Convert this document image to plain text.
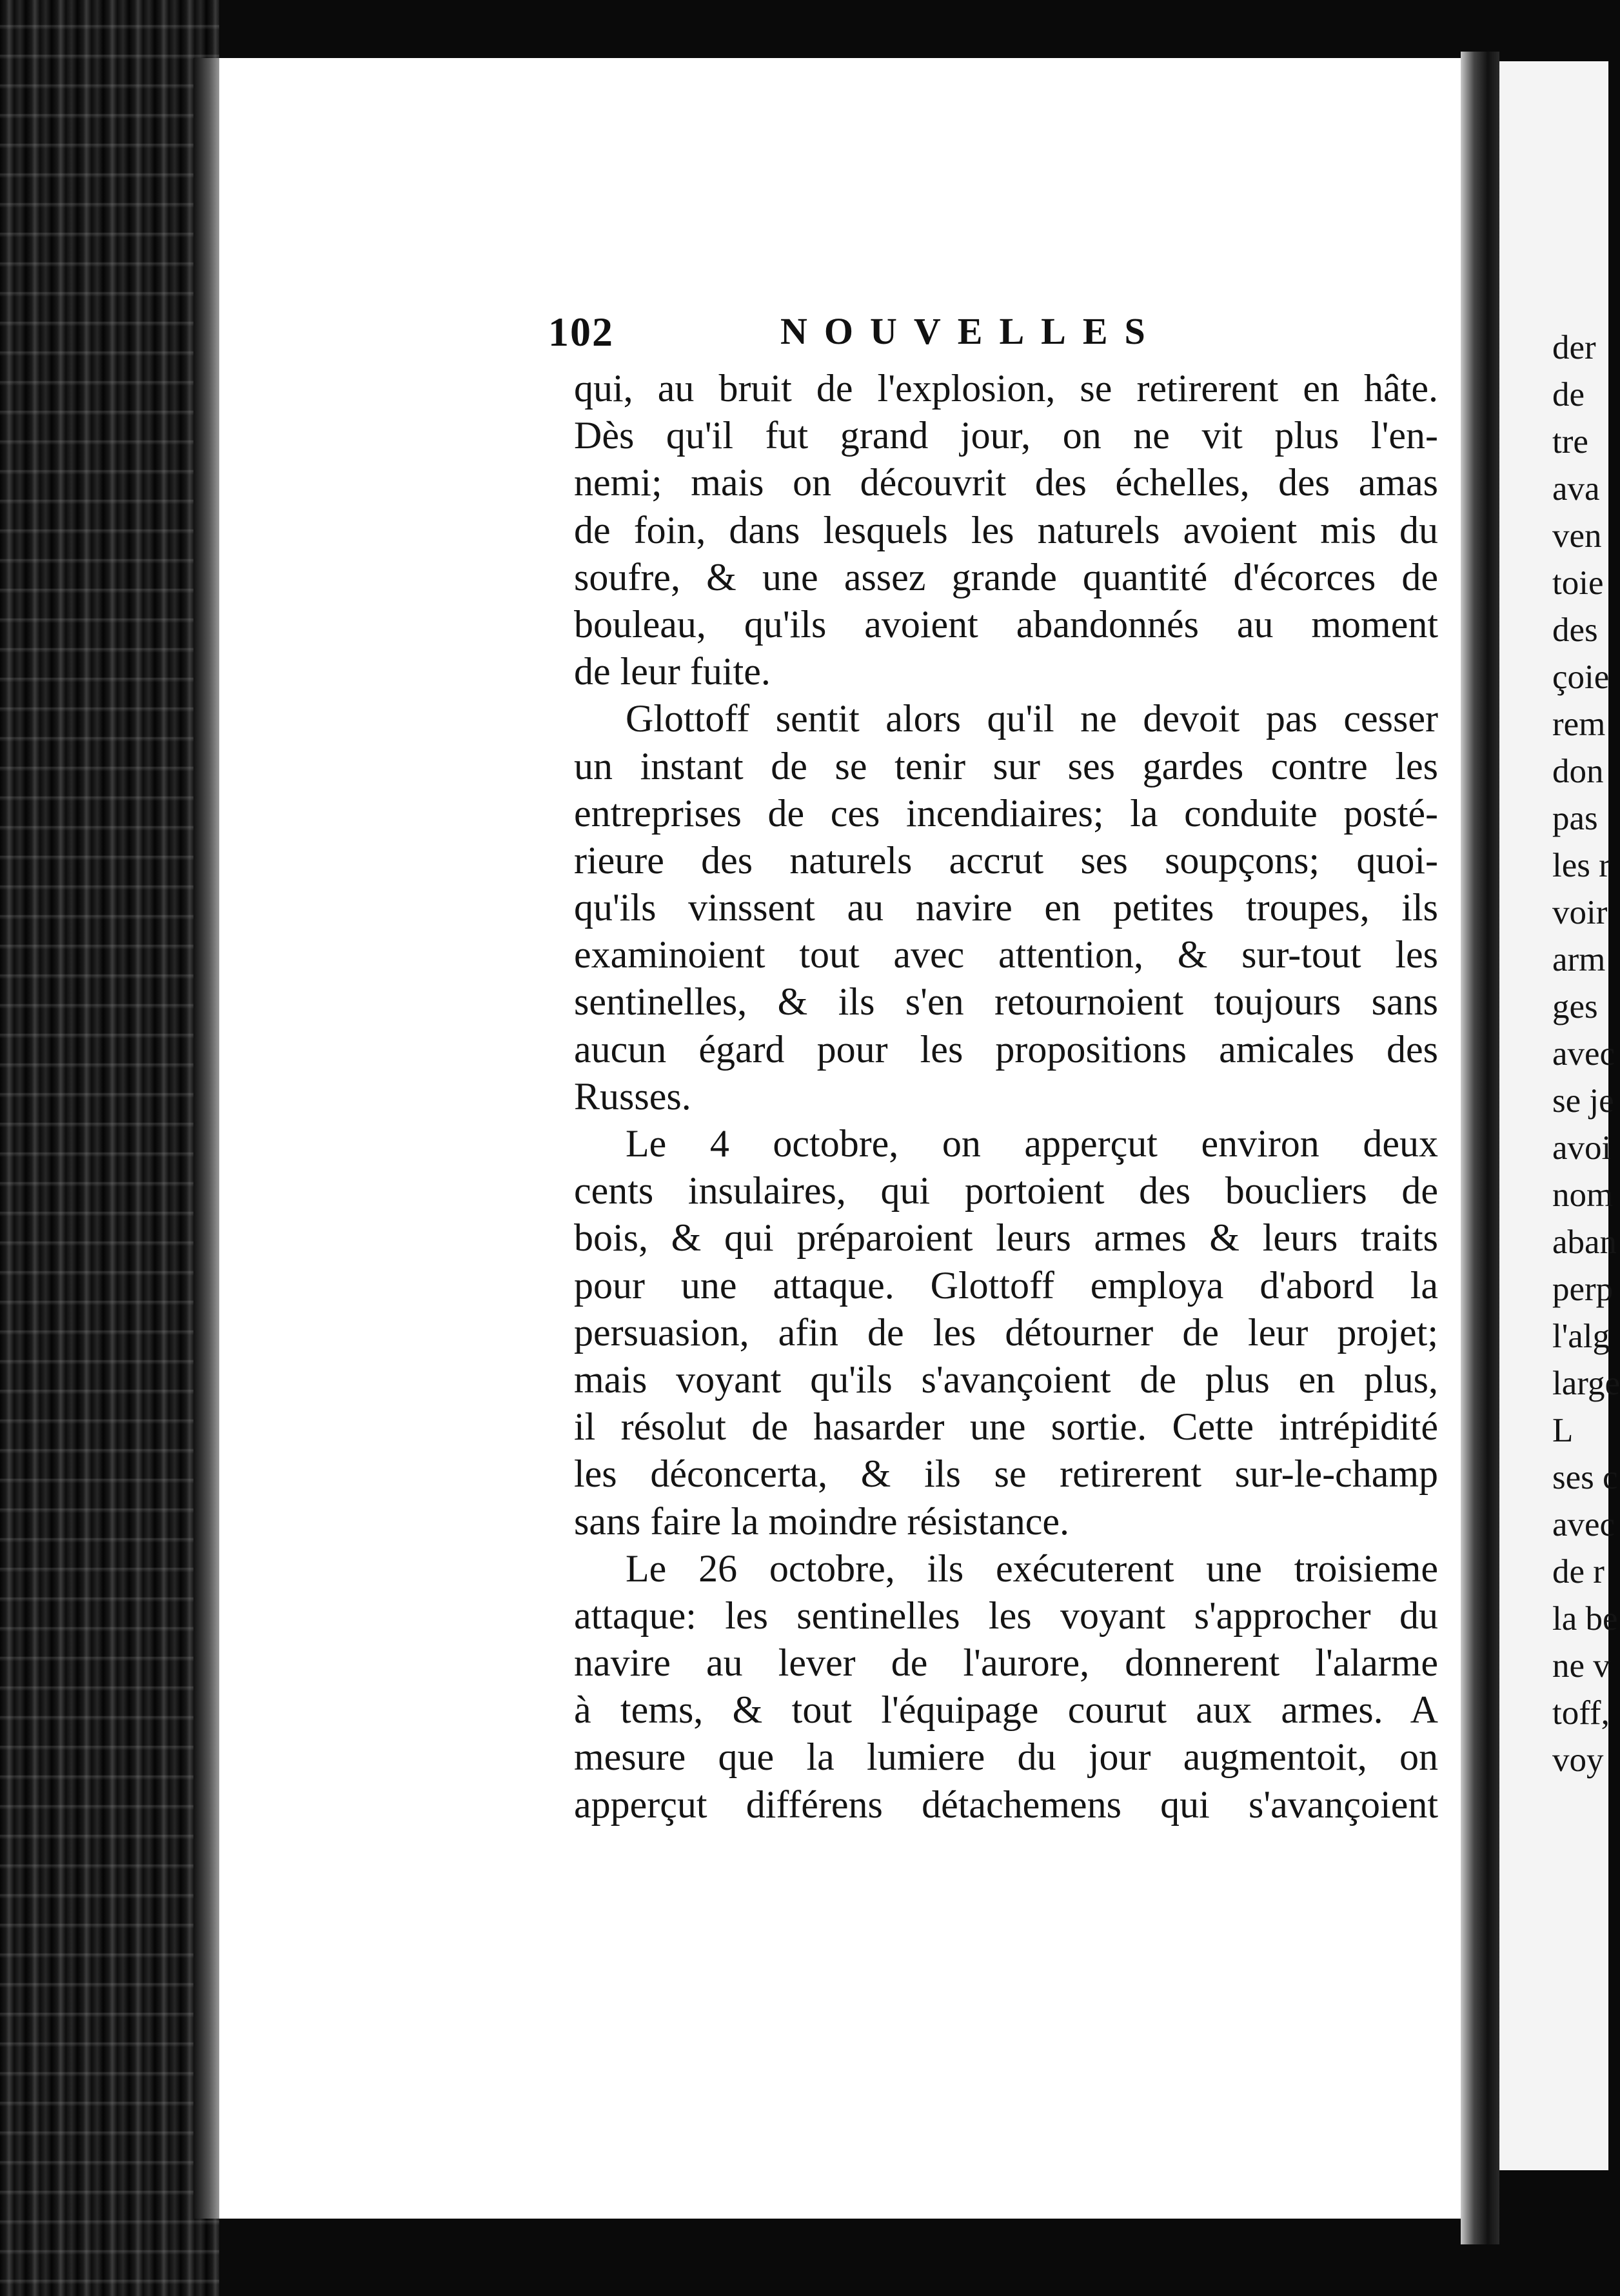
der
de
tre
ava
ven
toie
des
çoie
rem
don
pas
les r
voir
arm
ges
avec
se je
avoi
nom
aban
perp
l'alg
large
L
ses c
avec
de r
la be
ne v
toff,
voy
102	NOUVELLES
qui, au bruit de l'explosion, se retirerent en hâte.
Dès qu'il fut grand jour, on ne vit plus l'en-
nemi; mais on découvrit des échelles, des amas
de foin, dans lesquels les naturels avoient mis du
soufre, & une assez grande quantité d'écorces de
bouleau, qu'ils avoient abandonnés au moment
de leur fuite.
Glottoff sentit alors qu'il ne devoit pas cesser
un instant de se tenir sur ses gardes contre les
entreprises de ces incendiaires; la conduite posté-
rieure des naturels accrut ses soupçons; quoi-
qu'ils vinssent au navire en petites troupes, ils
examinoient tout avec attention, & sur-tout les
sentinelles, & ils s'en retournoient toujours sans
aucun égard pour les propositions amicales des
Russes.
Le 4 octobre, on apperçut environ deux
cents insulaires, qui portoient des boucliers de
bois, & qui préparoient leurs armes & leurs traits
pour une attaque. Glottoff employa d'abord la
persuasion, afin de les détourner de leur projet;
mais voyant qu'ils s'avançoient de plus en plus,
il résolut de hasarder une sortie. Cette intrépidité
les déconcerta, & ils se retirerent sur-le-champ
sans faire la moindre résistance.
Le 26 octobre, ils exécuterent une troisieme
attaque: les sentinelles les voyant s'approcher du
navire au lever de l'aurore, donnerent l'alarme
à tems, & tout l'équipage courut aux armes. A
mesure que la lumiere du jour augmentoit, on
apperçut différens détachemens qui s'avançoient
